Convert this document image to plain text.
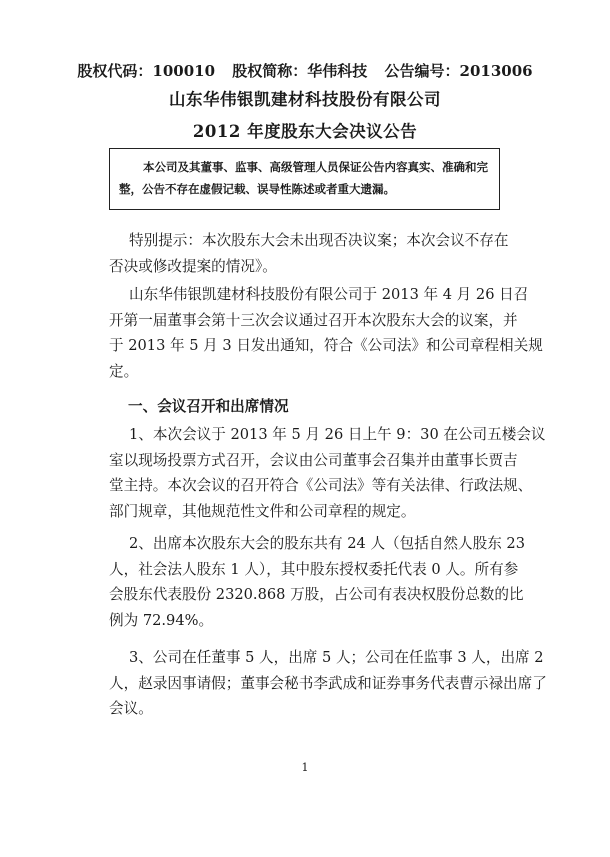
股权代码：100010 股权简称：华伟科技 公告编号：2013006
山东华伟银凯建材科技股份有限公司
2012 年度股东大会决议公告
本公司及其董事、监事、高级管理人员保证公告内容真实、准确和完
整，公告不存在虚假记载、误导性陈述或者重大遗漏。
特别提示：本次股东大会未出现否决议案；本次会议不存在
否决或修改提案的情况》。
山东华伟银凯建材科技股份有限公司于 2013 年 4 月 26 日召
开第一届董事会第十三次会议通过召开本次股东大会的议案，并
于 2013 年 5 月 3 日发出通知，符合《公司法》和公司章程相关规
定。
一、会议召开和出席情况
1、本次会议于 2013 年 5 月 26 日上午 9：30 在公司五楼会议
室以现场投票方式召开，会议由公司董事会召集并由董事长贾吉
堂主持。本次会议的召开符合《公司法》等有关法律、行政法规、
部门规章，其他规范性文件和公司章程的规定。
2、出席本次股东大会的股东共有 24 人（包括自然人股东 23
人，社会法人股东 1 人），其中股东授权委托代表 0 人。所有参
会股东代表股份 2320.868 万股，占公司有表决权股份总数的比
例为 72.94%。
3、公司在任董事 5 人，出席 5 人；公司在任监事 3 人，出席 2
人，赵录因事请假；董事会秘书李武成和证券事务代表曹示禄出席了
会议。
1
